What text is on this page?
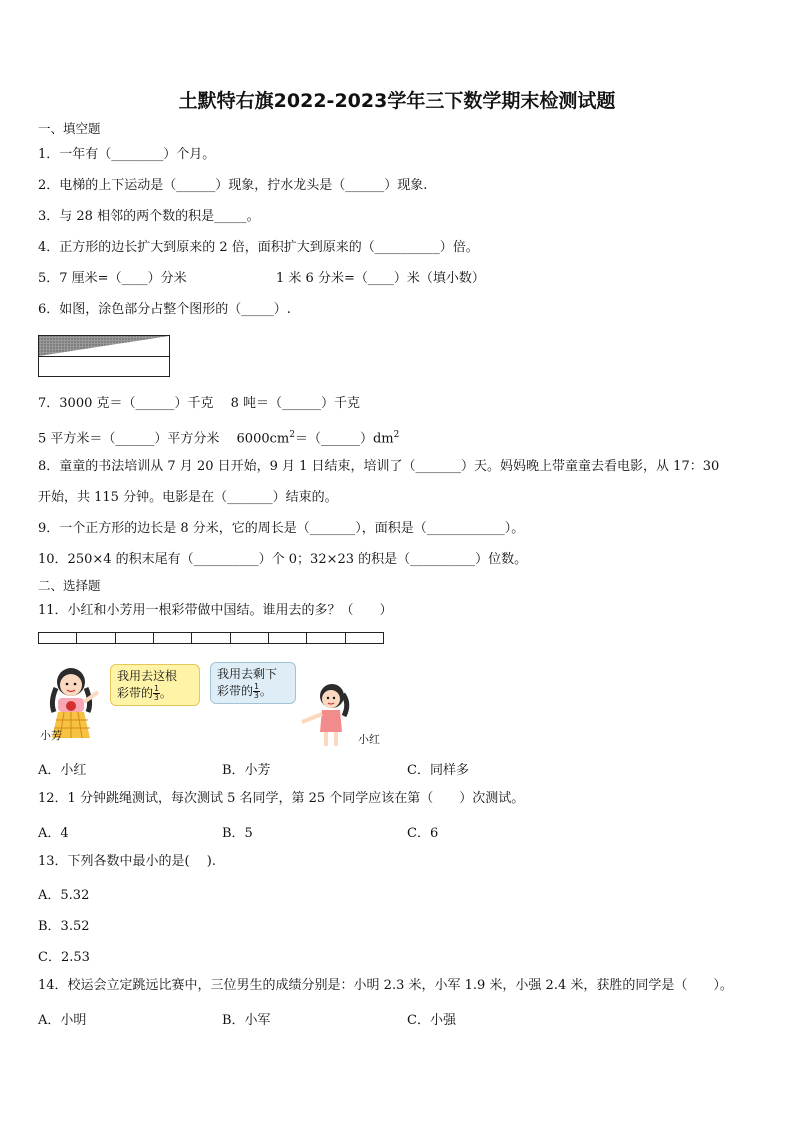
土默特右旗2022-2023学年三下数学期末检测试题
一、填空题
1．一年有（________）个月。
2．电梯的上下运动是（______）现象，拧水龙头是（______）现象.
3．与 28 相邻的两个数的积是_____。
4．正方形的边长扩大到原来的 2 倍，面积扩大到原来的（__________）倍。
5．7 厘米=（____）分米	1 米 6 分米=（____）米（填小数）
6．如图，涂色部分占整个图形的（_____）.
7．3000 克＝（______）千克　 8 吨＝（______）千克
5 平方米＝（______）平方分米　 $6000cm^2=(\_\_\_\_\_\_)dm^2$
8．童童的书法培训从 7 月 20 日开始，9 月 1 日结束，培训了（_______）天。妈妈晚上带童童去看电影，从 17：30
开始，共 115 分钟。电影是在（_______）结束的。
9．一个正方形的边长是 8 分米，它的周长是（_______），面积是（____________）。
10．250×4 的积末尾有（__________）个 0；32×23 的积是（__________）位数。
二、选择题
11．小红和小芳用一根彩带做中国结。谁用去的多？（　　）
我用去这根
彩带的 $\frac{1}{3}$ 。
小芳
我用去剩下
彩带的 $\frac{1}{3}$ 。
小红
A．小红	B．小芳	C．同样多
12．1 分钟跳绳测试，每次测试 5 名同学，第 25 个同学应该在第（　　）次测试。
A．4	B．5	C．6
13．下列各数中最小的是(　 ).
A．5.32
B．3.52
C．2.53
14．校运会立定跳远比赛中，三位男生的成绩分别是：小明 2.3 米，小军 1.9 米，小强 2.4 米，获胜的同学是（　　）。
A．小明	B．小军	C．小强
